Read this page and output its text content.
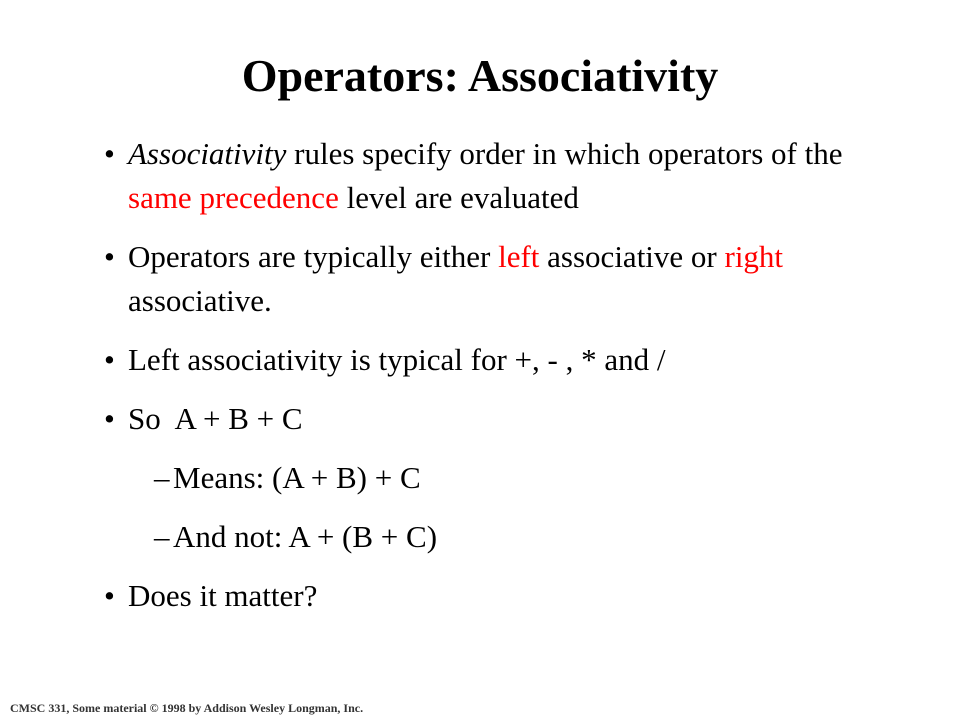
Operators: Associativity
• Associativity rules specify order in which operators of the same precedence level are evaluated
• Operators are typically either left associative or right associative.
• Left associativity is typical for +, - , * and /
• So  A + B + C
– Means: (A + B) + C
– And not: A + (B + C)
• Does it matter?
CMSC 331, Some material © 1998 by Addison Wesley Longman, Inc.
